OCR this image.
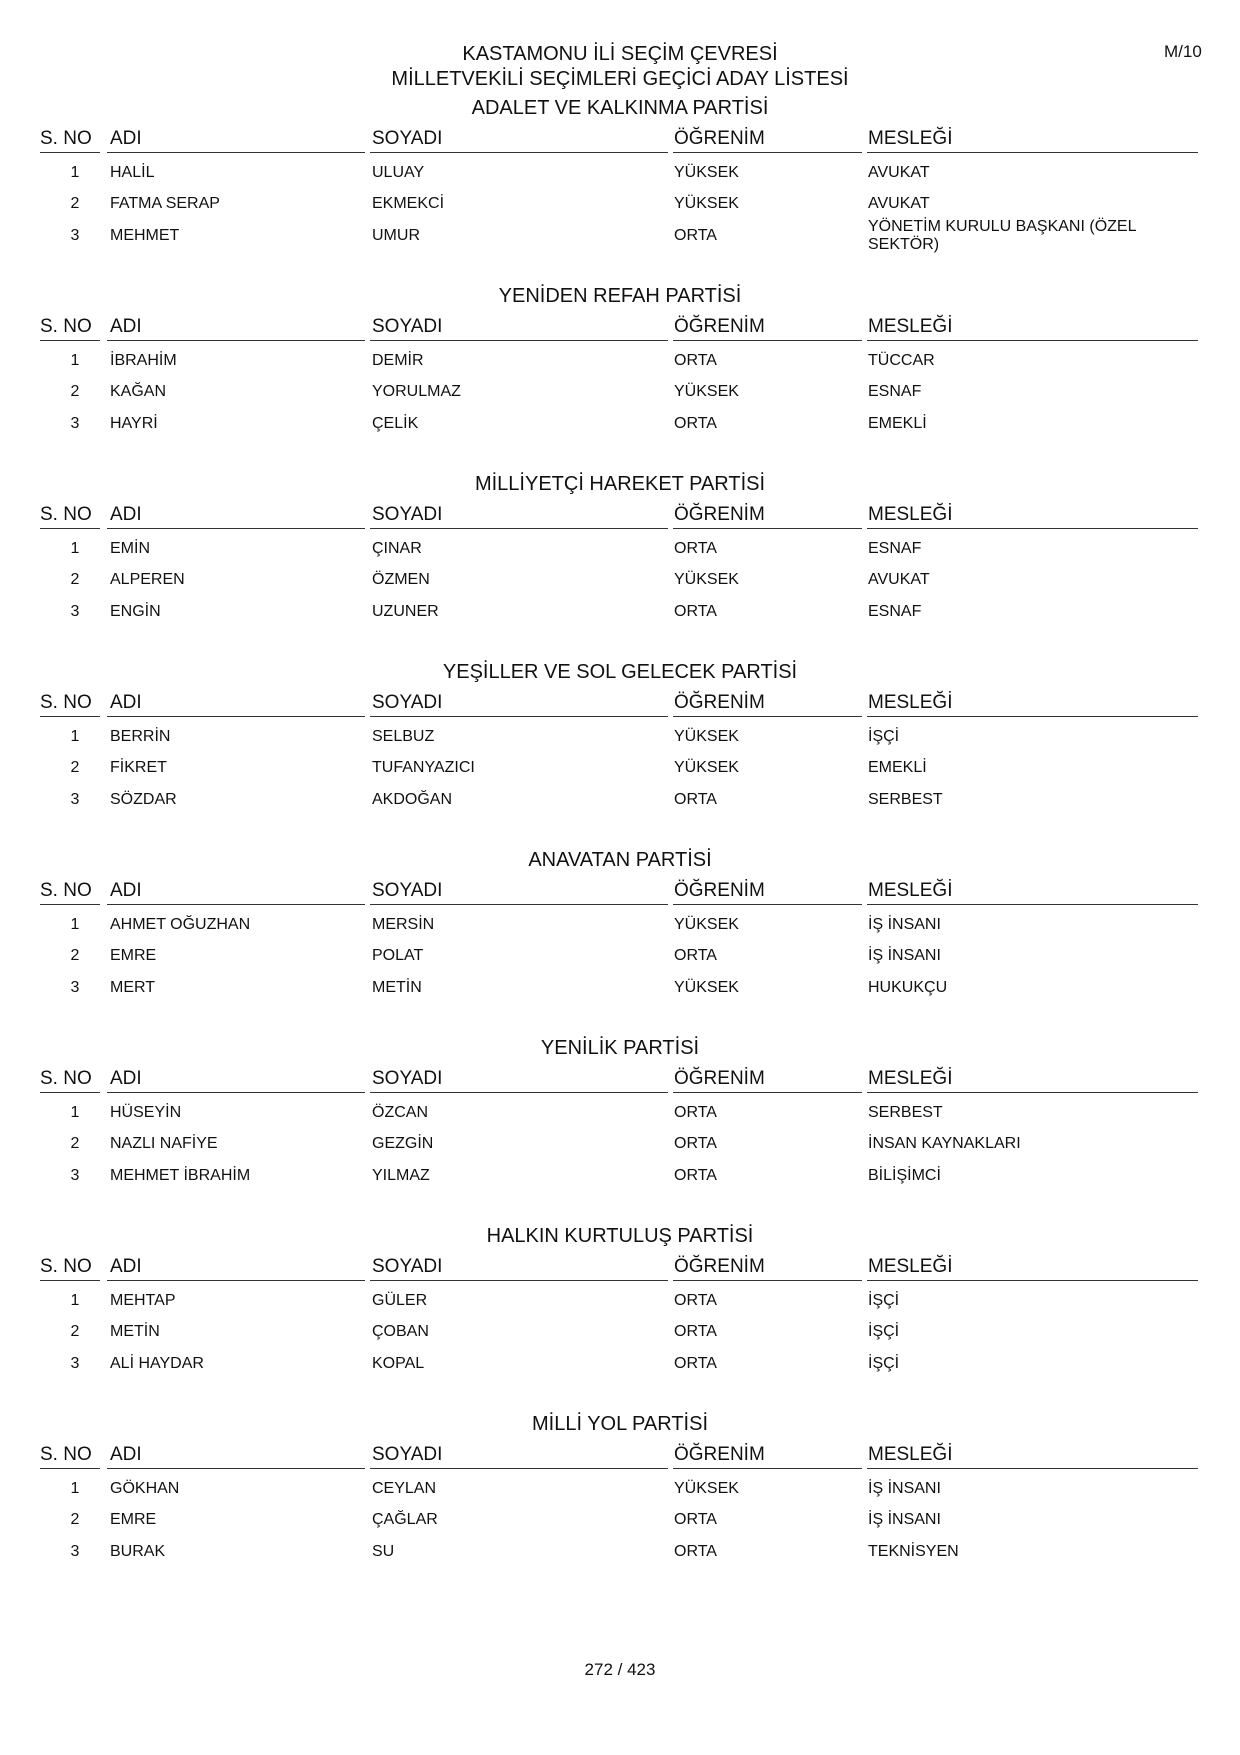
M/10
KASTAMONU İLİ SEÇİM ÇEVRESİ
MİLLETVEKİLİ SEÇİMLERİ GEÇİCİ ADAY LİSTESİ
ADALET VE KALKINMA PARTİSİ
S. NO ADI	SOYADI	ÖĞRENİM	MESLEĞİ
1	HALİL	ULUAY	YÜKSEK	AVUKAT
2	FATMA SERAP	EKMEKCİ	YÜKSEK	AVUKAT
3	MEHMET	UMUR	ORTA
YÖNETİM KURULU BAŞKANI (ÖZEL SEKTÖR)
YENİDEN REFAH PARTİSİ
S. NO ADI	SOYADI	ÖĞRENİM	MESLEĞİ
1	İBRAHİM	DEMİR	ORTA	TÜCCAR
2	KAĞAN	YORULMAZ	YÜKSEK	ESNAF
3	HAYRİ	ÇELİK	ORTA	EMEKLİ
MİLLİYETÇİ HAREKET PARTİSİ
S. NO ADI	SOYADI	ÖĞRENİM	MESLEĞİ
1	EMİN	ÇINAR	ORTA	ESNAF
2	ALPEREN	ÖZMEN	YÜKSEK	AVUKAT
3	ENGİN	UZUNER	ORTA	ESNAF
YEŞİLLER VE SOL GELECEK PARTİSİ
S. NO ADI	SOYADI	ÖĞRENİM	MESLEĞİ
1	BERRİN	SELBUZ	YÜKSEK	İŞÇİ
2	FİKRET	TUFANYAZICI	YÜKSEK	EMEKLİ
3	SÖZDAR	AKDOĞAN	ORTA	SERBEST
ANAVATAN PARTİSİ
S. NO ADI	SOYADI	ÖĞRENİM	MESLEĞİ
1	AHMET OĞUZHAN	MERSİN	YÜKSEK	İŞ İNSANI
2	EMRE	POLAT	ORTA	İŞ İNSANI
3	MERT	METİN	YÜKSEK	HUKUKÇU
YENİLİK PARTİSİ
S. NO ADI	SOYADI	ÖĞRENİM	MESLEĞİ
1	HÜSEYİN	ÖZCAN	ORTA	SERBEST
2	NAZLI NAFİYE	GEZGİN	ORTA	İNSAN KAYNAKLARI
3	MEHMET İBRAHİM	YILMAZ	ORTA	BİLİŞİMCİ
HALKIN KURTULUŞ PARTİSİ
S. NO ADI	SOYADI	ÖĞRENİM	MESLEĞİ
1	MEHTAP	GÜLER	ORTA	İŞÇİ
2	METİN	ÇOBAN	ORTA	İŞÇİ
3	ALİ HAYDAR	KOPAL	ORTA	İŞÇİ
MİLLİ YOL PARTİSİ
S. NO ADI	SOYADI	ÖĞRENİM	MESLEĞİ
1	GÖKHAN	CEYLAN	YÜKSEK	İŞ İNSANI
2	EMRE	ÇAĞLAR	ORTA	İŞ İNSANI
3	BURAK	SU	ORTA	TEKNİSYEN
272 / 423
